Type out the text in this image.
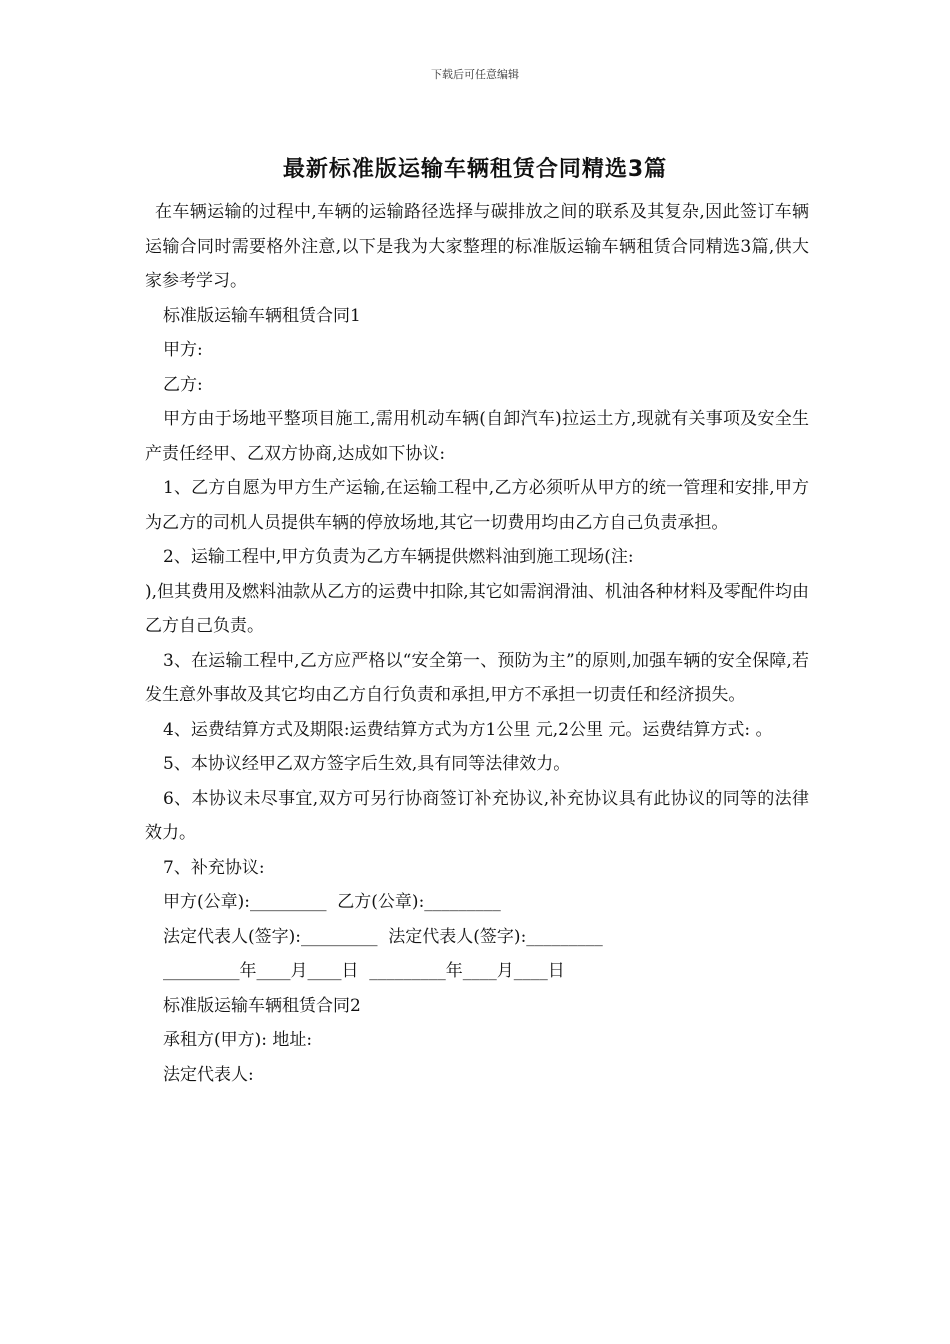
下载后可任意编辑
最新标准版运输车辆租赁合同精选3篇

在车辆运输的过程中,车辆的运输路径选择与碳排放之间的联系及其复杂,因此签订车辆运输合同时需要格外注意,以下是我为大家整理的标准版运输车辆租赁合同精选3篇,供大家参考学习。

标准版运输车辆租赁合同1

甲方:

乙方:

甲方由于场地平整项目施工,需用机动车辆(自卸汽车)拉运土方,现就有关事项及安全生产责任经甲、乙双方协商,达成如下协议:

1、乙方自愿为甲方生产运输,在运输工程中,乙方必须听从甲方的统一管理和安排,甲方为乙方的司机人员提供车辆的停放场地,其它一切费用均由乙方自己负责承担。

2、运输工程中,甲方负责为乙方车辆提供燃料油到施工现场(注:

),但其费用及燃料油款从乙方的运费中扣除,其它如需润滑油、机油各种材料及零配件均由乙方自己负责。

3、在运输工程中,乙方应严格以“安全第一、预防为主”的原则,加强车辆的安全保障,若发生意外事故及其它均由乙方自行负责和承担,甲方不承担一切责任和经济损失。

4、运费结算方式及期限:运费结算方式为方1公里 元,2公里 元。运费结算方式: 。

5、本协议经甲乙双方签字后生效,具有同等法律效力。

6、本协议未尽事宜,双方可另行协商签订补充协议,补充协议具有此协议的同等的法律效力。

7、补充协议:

甲方(公章):_________  乙方(公章):_________

法定代表人(签字):_________  法定代表人(签字):_________

_________年____月____日  _________年____月____日

标准版运输车辆租赁合同2

承租方(甲方): 地址:

法定代表人:
